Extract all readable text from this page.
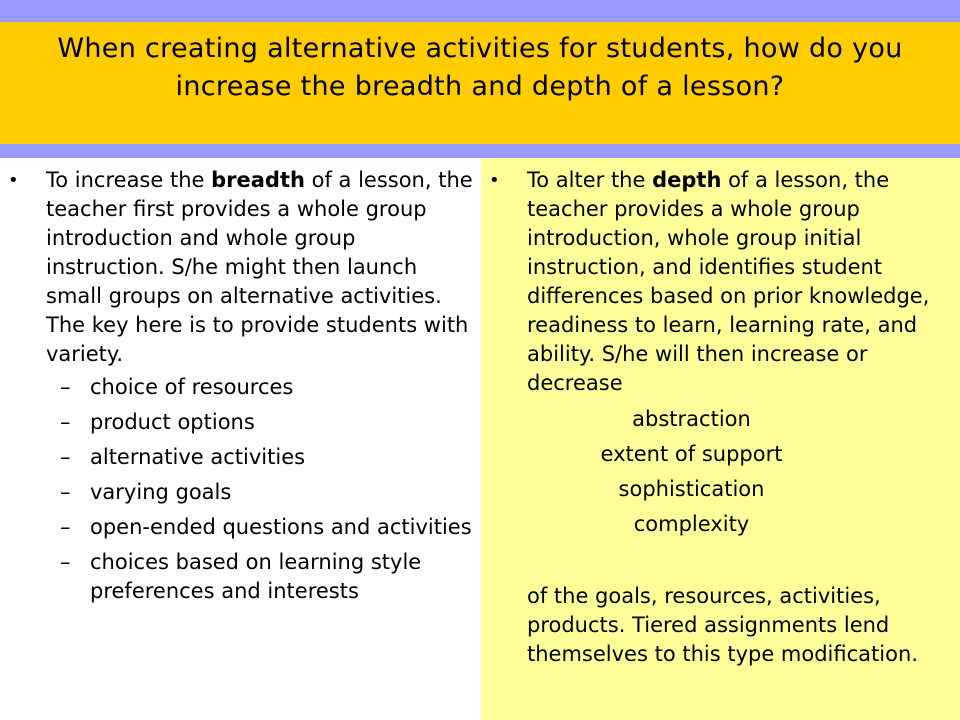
When creating alternative activities for students, how do you
increase the breadth and depth of a lesson?
•	To increase the breadth of a lesson, the teacher first provides a whole group introduction and whole group instruction. S/he might then launch small groups on alternative activities. The key here is to provide students with variety.
– choice of resources
– product options
– alternative activities
– varying goals
– open-ended questions and activities
– choices based on learning style preferences and interests
•	To alter the depth of a lesson, the teacher provides a whole group introduction, whole group initial instruction, and identifies student differences based on prior knowledge, readiness to learn, learning rate, and ability. S/he will then increase or decrease
abstraction
extent of support
sophistication
complexity
of the goals, resources, activities, products. Tiered assignments lend themselves to this type modification.
